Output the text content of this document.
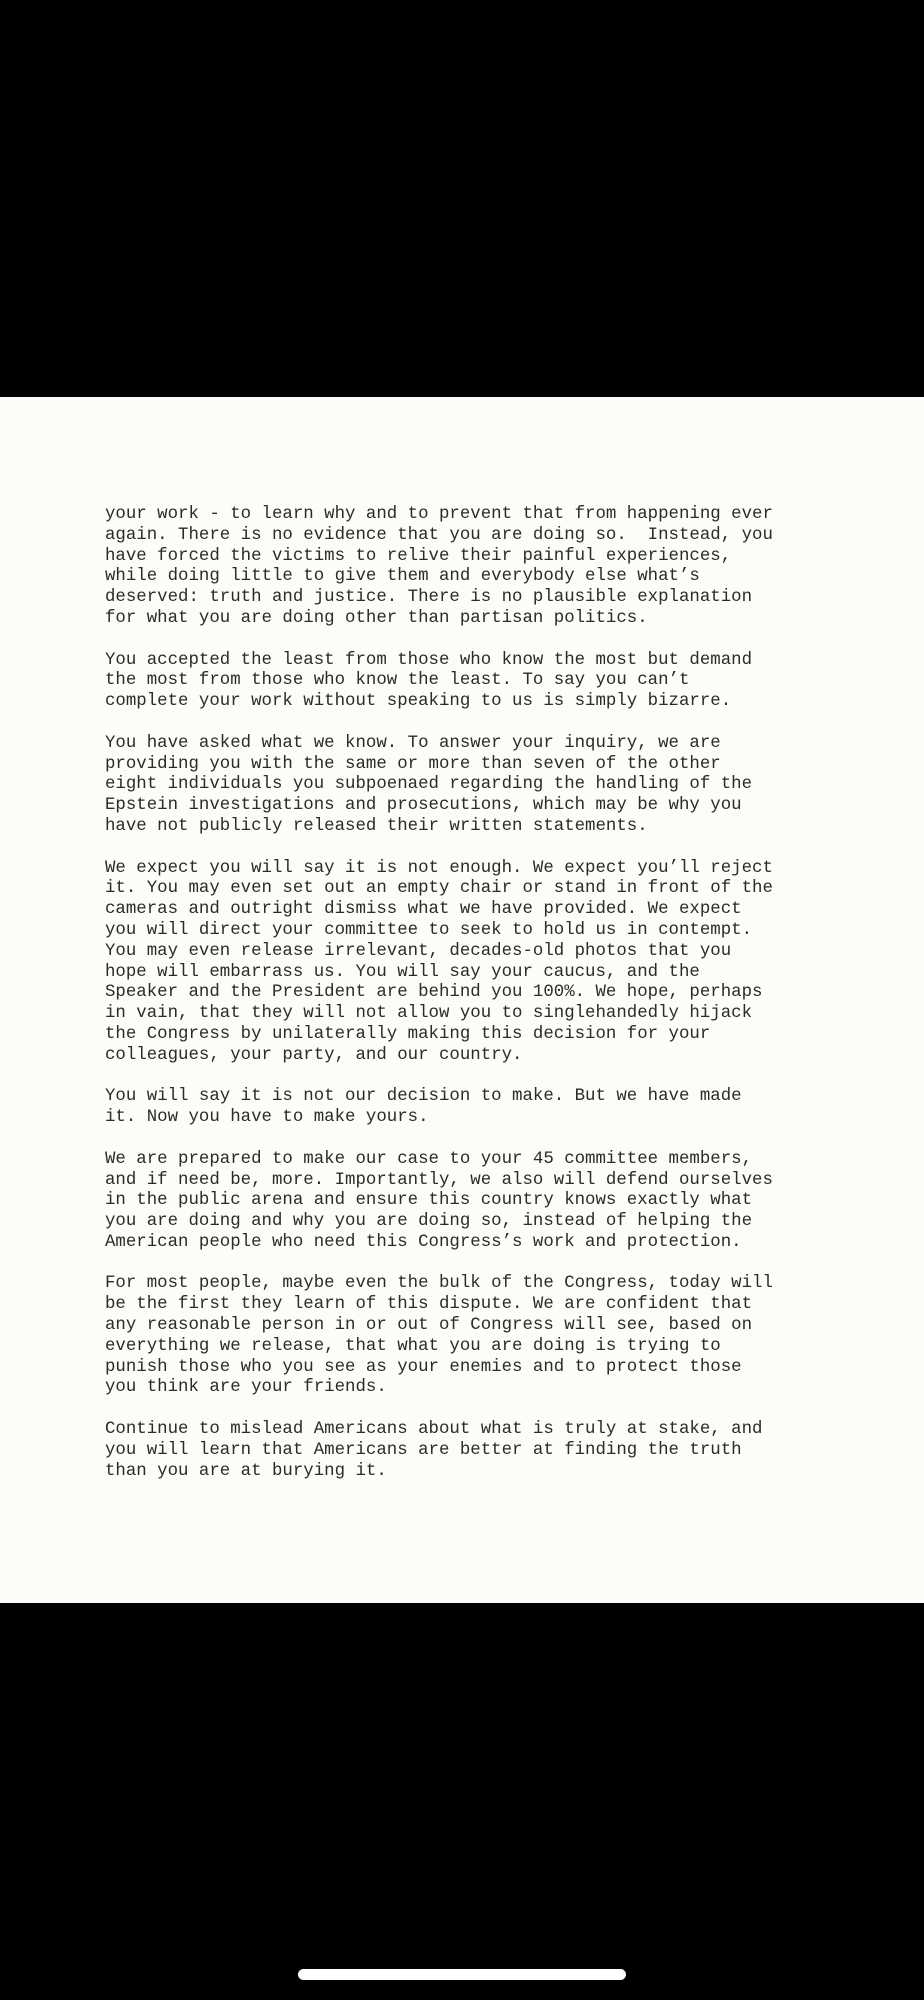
your work - to learn why and to prevent that from happening ever
again. There is no evidence that you are doing so.  Instead, you
have forced the victims to relive their painful experiences,
while doing little to give them and everybody else what’s
deserved: truth and justice. There is no plausible explanation
for what you are doing other than partisan politics.

You accepted the least from those who know the most but demand
the most from those who know the least. To say you can’t
complete your work without speaking to us is simply bizarre.

You have asked what we know. To answer your inquiry, we are
providing you with the same or more than seven of the other
eight individuals you subpoenaed regarding the handling of the
Epstein investigations and prosecutions, which may be why you
have not publicly released their written statements.

We expect you will say it is not enough. We expect you’ll reject
it. You may even set out an empty chair or stand in front of the
cameras and outright dismiss what we have provided. We expect
you will direct your committee to seek to hold us in contempt.
You may even release irrelevant, decades-old photos that you
hope will embarrass us. You will say your caucus, and the
Speaker and the President are behind you 100%. We hope, perhaps
in vain, that they will not allow you to singlehandedly hijack
the Congress by unilaterally making this decision for your
colleagues, your party, and our country.

You will say it is not our decision to make. But we have made
it. Now you have to make yours.

We are prepared to make our case to your 45 committee members,
and if need be, more. Importantly, we also will defend ourselves
in the public arena and ensure this country knows exactly what
you are doing and why you are doing so, instead of helping the
American people who need this Congress’s work and protection.

For most people, maybe even the bulk of the Congress, today will
be the first they learn of this dispute. We are confident that
any reasonable person in or out of Congress will see, based on
everything we release, that what you are doing is trying to
punish those who you see as your enemies and to protect those
you think are your friends.

Continue to mislead Americans about what is truly at stake, and
you will learn that Americans are better at finding the truth
than you are at burying it.
